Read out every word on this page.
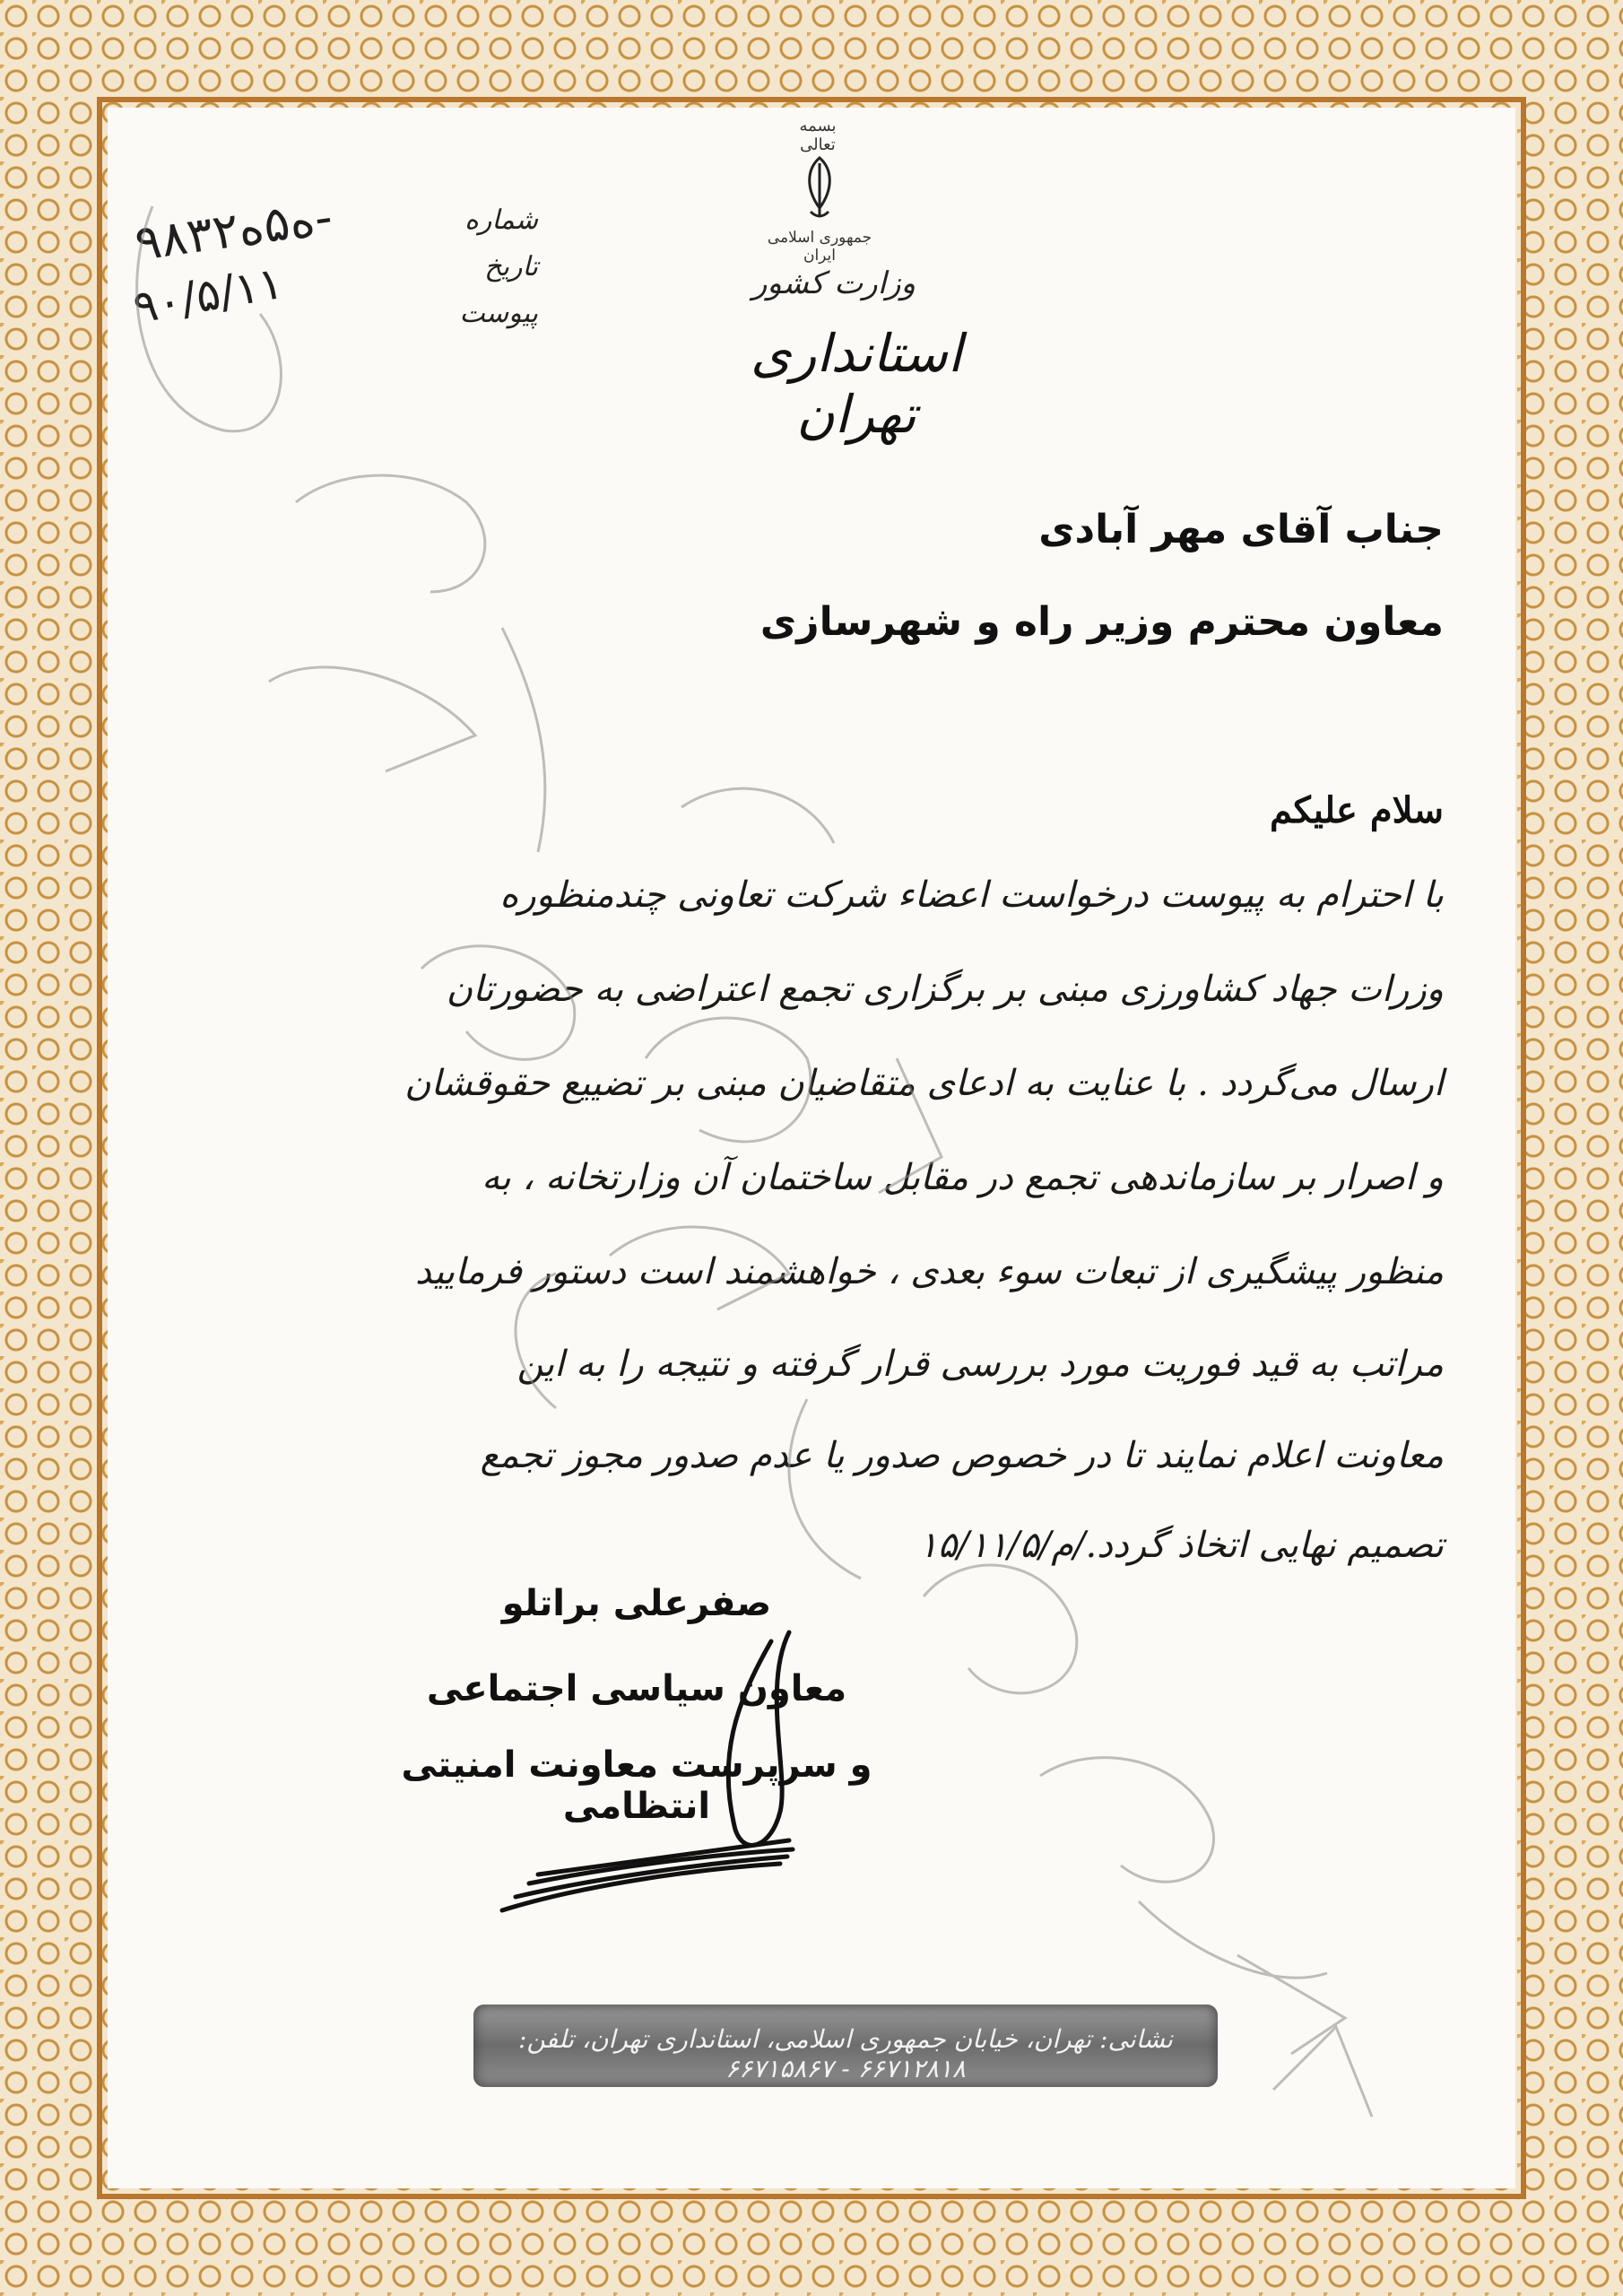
بسمه تعالی
جمهوری اسلامی ایران
وزارت کشور
استانداری تهران
شماره
تاریخ
پیوست
۹۸ه۵ه۳۲-
۹۰/۵/۱۱
جناب آقای مهر آبادی
معاون محترم وزیر راه و شهرسازی
سلام علیکم
با احترام به پیوست درخواست اعضاء شرکت تعاونی چندمنظوره
وزرات جهاد کشاورزی مبنی بر برگزاری تجمع اعتراضی به حضورتان
ارسال می‌گردد . با عنایت به ادعای متقاضیان مبنی بر تضییع حقوقشان
و اصرار بر سازماندهی تجمع در مقابل ساختمان آن وزارتخانه ، به
منظور پیشگیری از تبعات سوء بعدی ، خواهشمند است دستور فرمایید
مراتب به قید فوریت مورد بررسی قرار گرفته و نتیجه را به این
معاونت اعلام نمایند تا در خصوص صدور یا عدم صدور مجوز تجمع
تصمیم نهایی اتخاذ گردد./م/۱۵/۱۱/۵
صفرعلی براتلو
معاون سیاسی اجتماعی
و سرپرست معاونت امنیتی انتظامی
نشانی: تهران، خیابان جمهوری اسلامی، استانداری تهران، تلفن: ۶۶۷۱۲۸۱۸ - ۶۶۷۱۵۸۶۷
